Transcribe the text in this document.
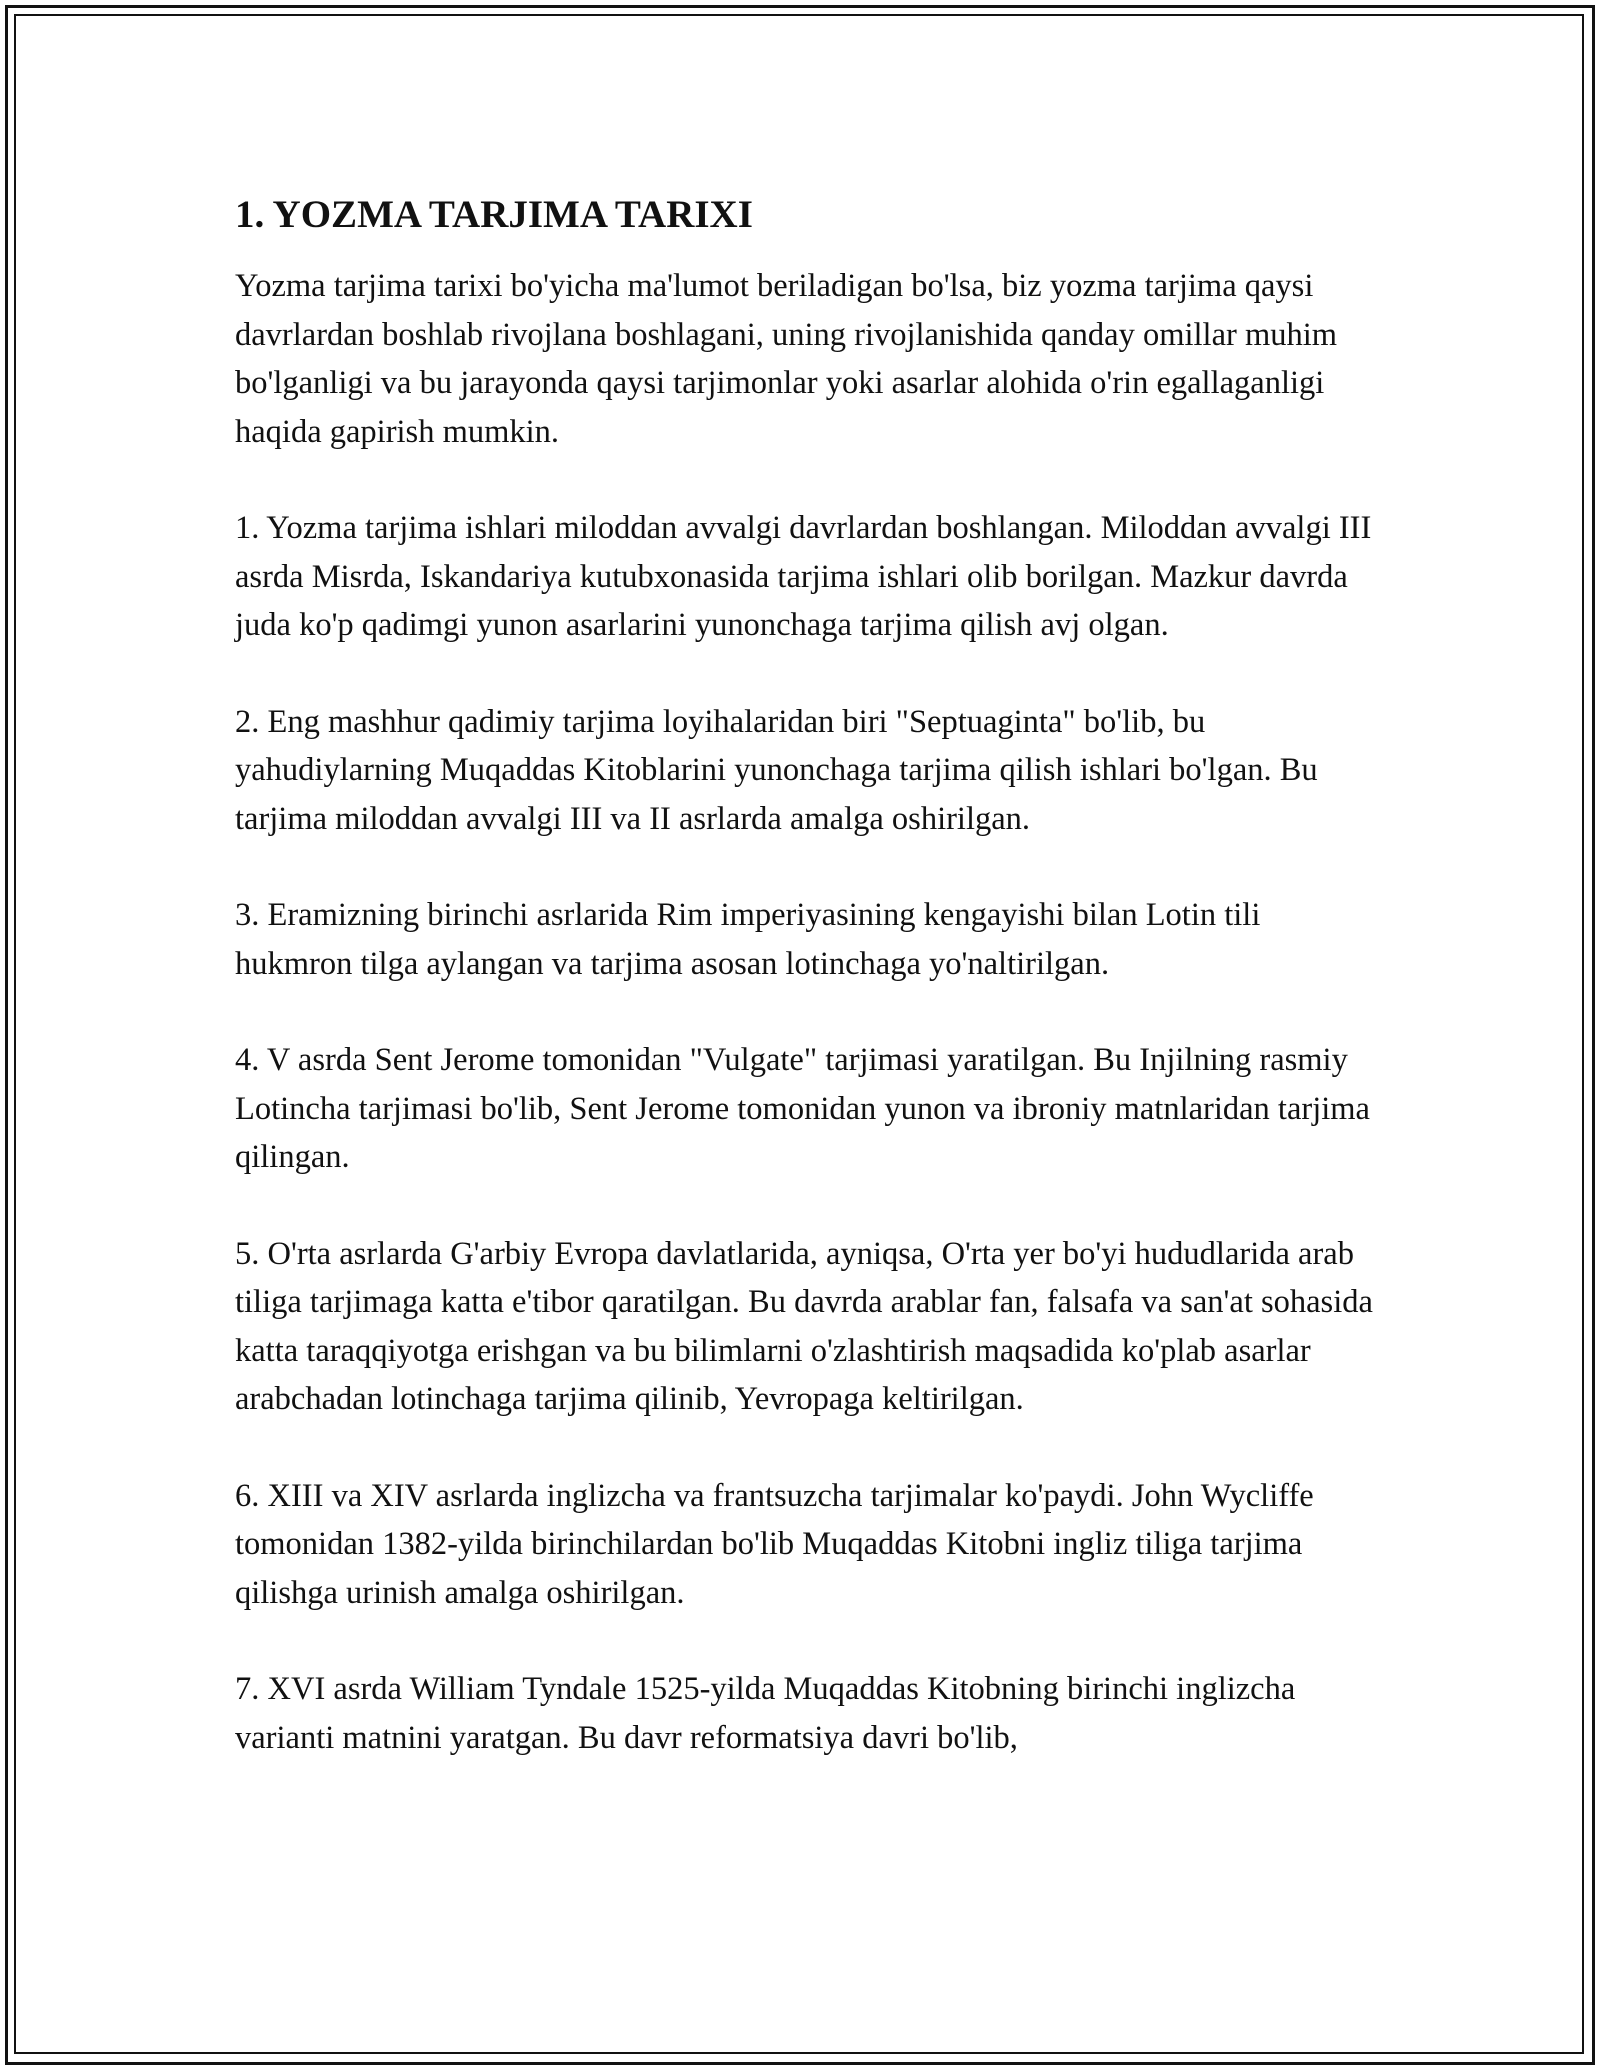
1. YOZMA TARJIMA TARIXI

Yozma tarjima tarixi bo'yicha ma'lumot beriladigan bo'lsa, biz yozma tarjima qaysi davrlardan boshlab rivojlana boshlagani, uning rivojlanishida qanday omillar muhim bo'lganligi va bu jarayonda qaysi tarjimonlar yoki asarlar alohida o'rin egallaganligi haqida gapirish mumkin.

1. Yozma tarjima ishlari miloddan avvalgi davrlardan boshlangan. Miloddan avvalgi III asrda Misrda, Iskandariya kutubxonasida tarjima ishlari olib borilgan. Mazkur davrda juda ko'p qadimgi yunon asarlarini yunonchaga tarjima qilish avj olgan.

2. Eng mashhur qadimiy tarjima loyihalaridan biri "Septuaginta" bo'lib, bu yahudiylarning Muqaddas Kitoblarini yunonchaga tarjima qilish ishlari bo'lgan. Bu tarjima miloddan avvalgi III va II asrlarda amalga oshirilgan.

3. Eramizning birinchi asrlarida Rim imperiyasining kengayishi bilan Lotin tili hukmron tilga aylangan va tarjima asosan lotinchaga yo'naltirilgan.

4. V asrda Sent Jerome tomonidan "Vulgate" tarjimasi yaratilgan. Bu Injilning rasmiy Lotincha tarjimasi bo'lib, Sent Jerome tomonidan yunon va ibroniy matnlaridan tarjima qilingan.

5. O'rta asrlarda G'arbiy Evropa davlatlarida, ayniqsa, O'rta yer bo'yi hududlarida arab tiliga tarjimaga katta e'tibor qaratilgan. Bu davrda arablar fan, falsafa va san'at sohasida katta taraqqiyotga erishgan va bu bilimlarni o'zlashtirish maqsadida ko'plab asarlar arabchadan lotinchaga tarjima qilinib, Yevropaga keltirilgan.

6. XIII va XIV asrlarda inglizcha va frantsuzcha tarjimalar ko'paydi. John Wycliffe tomonidan 1382-yilda birinchilardan bo'lib Muqaddas Kitobni ingliz tiliga tarjima qilishga urinish amalga oshirilgan.

7. XVI asrda William Tyndale 1525-yilda Muqaddas Kitobning birinchi inglizcha varianti matnini yaratgan. Bu davr reformatsiya davri bo'lib,
